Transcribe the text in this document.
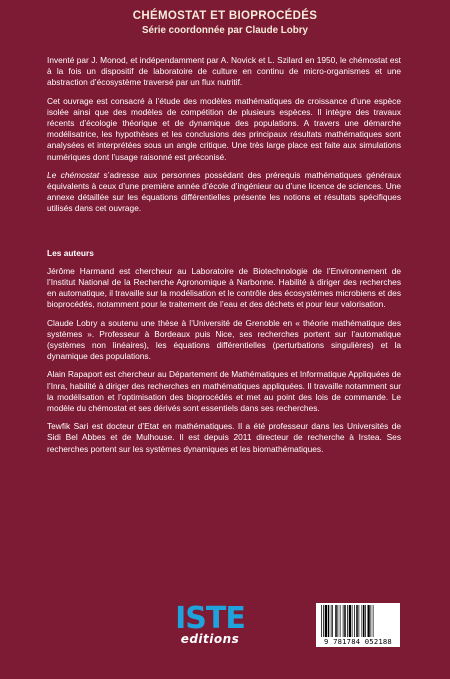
CHÉMOSTAT ET BIOPROCÉDÉS
Série coordonnée par Claude Lobry

Inventé par J. Monod, et indépendamment par A. Novick et L. Szilard en 1950, le chémostat est à la fois un dispositif de laboratoire de culture en continu de micro-organismes et une abstraction d’écosystème traversé par un flux nutritif.

Cet ouvrage est consacré à l’étude des modèles mathématiques de croissance d’une espèce isolée ainsi que des modèles de compétition de plusieurs espèces. Il intègre des travaux récents d’écologie théorique et de dynamique des populations. A travers une démarche modélisatrice, les hypothèses et les conclusions des principaux résultats mathématiques sont analysées et interprétées sous un angle critique. Une très large place est faite aux simulations numériques dont l’usage raisonné est préconisé.

Le chémostat s’adresse aux personnes possédant des prérequis mathématiques généraux équivalents à ceux d’une première année d’école d’ingénieur ou d’une licence de sciences. Une annexe détaillée sur les équations différentielles présente les notions et résultats spécifiques utilisés dans cet ouvrage.

Les auteurs

Jérôme Harmand est chercheur au Laboratoire de Biotechnologie de l’Environnement de l’Institut National de la Recherche Agronomique à Narbonne. Habilité à diriger des recherches en automatique, il travaille sur la modélisation et le contrôle des écosystèmes microbiens et des bioprocédés, notamment pour le traitement de l’eau et des déchets et pour leur valorisation.

Claude Lobry a soutenu une thèse à l’Université de Grenoble en « théorie mathématique des systèmes ». Professeur à Bordeaux puis Nice, ses recherches portent sur l’automatique (systèmes non linéaires), les équations différentielles (perturbations singulières) et la dynamique des populations.

Alain Rapaport est chercheur au Département de Mathématiques et Informatique Appliquées de l’Inra, habilité à diriger des recherches en mathématiques appliquées. Il travaille notamment sur la modélisation et l’optimisation des bioprocédés et met au point des lois de commande. Le modèle du chémostat et ses dérivés sont essentiels dans ses recherches.

Tewfik Sari est docteur d’Etat en mathématiques. Il a été professeur dans les Universités de Sidi Bel Abbes et de Mulhouse. Il est depuis 2011 directeur de recherche à Irstea. Ses recherches portent sur les systèmes dynamiques et les biomathématiques.

ISTE
editions	9 781784 052188
